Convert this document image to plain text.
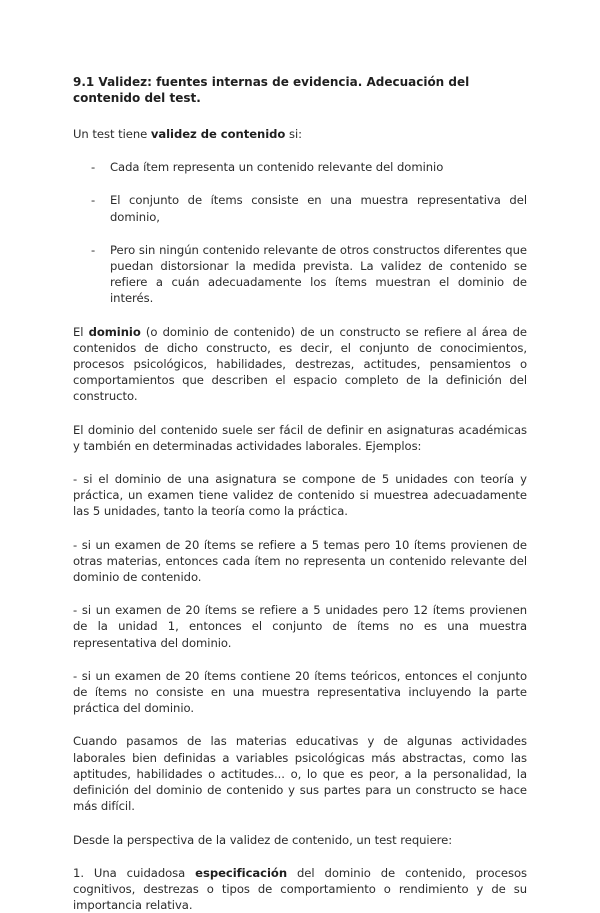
9.1 Validez: fuentes internas de evidencia. Adecuación del contenido del test.

Un test tiene validez de contenido si:

- Cada ítem representa un contenido relevante del dominio
- El conjunto de ítems consiste en una muestra representativa del dominio,
- Pero sin ningún contenido relevante de otros constructos diferentes que puedan distorsionar la medida prevista. La validez de contenido se refiere a cuán adecuadamente los ítems muestran el dominio de interés.

El dominio (o dominio de contenido) de un constructo se refiere al área de contenidos de dicho constructo, es decir, el conjunto de conocimientos, procesos psicológicos, habilidades, destrezas, actitudes, pensamientos o comportamientos que describen el espacio completo de la definición del constructo.

El dominio del contenido suele ser fácil de definir en asignaturas académicas y también en determinadas actividades laborales. Ejemplos:

- si el dominio de una asignatura se compone de 5 unidades con teoría y práctica, un examen tiene validez de contenido si muestrea adecuadamente las 5 unidades, tanto la teoría como la práctica.

- si un examen de 20 ítems se refiere a 5 temas pero 10 ítems provienen de otras materias, entonces cada ítem no representa un contenido relevante del dominio de contenido.

- si un examen de 20 ítems se refiere a 5 unidades pero 12 ítems provienen de la unidad 1, entonces el conjunto de ítems no es una muestra representativa del dominio.

- si un examen de 20 ítems contiene 20 ítems teóricos, entonces el conjunto de ítems no consiste en una muestra representativa incluyendo la parte práctica del dominio.

Cuando pasamos de las materias educativas y de algunas actividades laborales bien definidas a variables psicológicas más abstractas, como las aptitudes, habilidades o actitudes... o, lo que es peor, a la personalidad, la definición del dominio de contenido y sus partes para un constructo se hace más difícil.

Desde la perspectiva de la validez de contenido, un test requiere:

1. Una cuidadosa especificación del dominio de contenido, procesos cognitivos, destrezas o tipos de comportamiento o rendimiento y de su importancia relativa.
